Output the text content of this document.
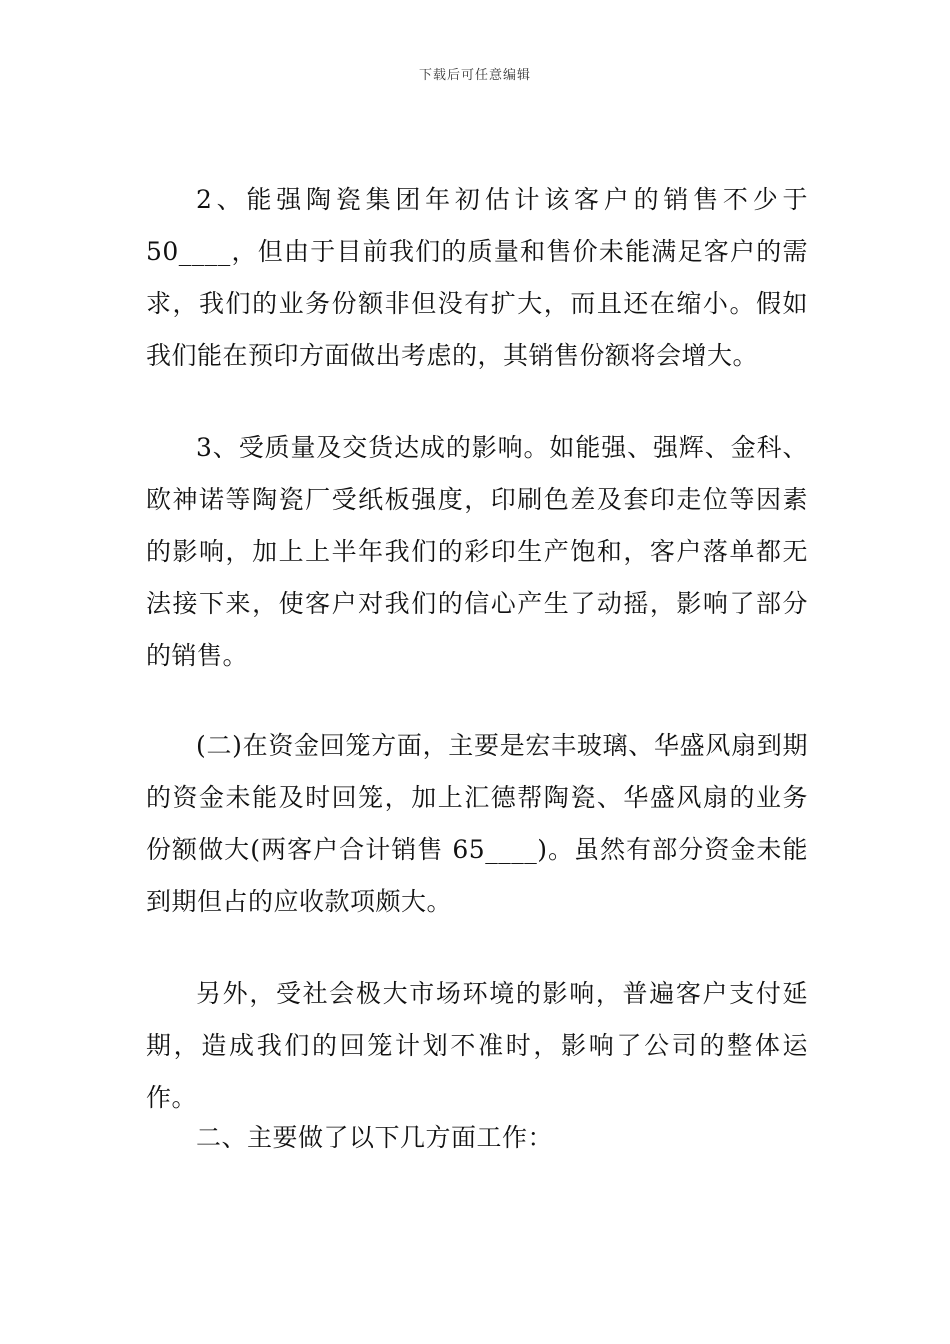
下载后可任意编辑

2、能强陶瓷集团年初估计该客户的销售不少于 50____，但由于目前我们的质量和售价未能满足客户的需求，我们的业务份额非但没有扩大，而且还在缩小。假如我们能在预印方面做出考虑的，其销售份额将会增大。

3、受质量及交货达成的影响。如能强、强辉、金科、欧神诺等陶瓷厂受纸板强度，印刷色差及套印走位等因素的影响，加上上半年我们的彩印生产饱和，客户落单都无法接下来，使客户对我们的信心产生了动摇，影响了部分的销售。

(二)在资金回笼方面，主要是宏丰玻璃、华盛风扇到期的资金未能及时回笼，加上汇德帮陶瓷、华盛风扇的业务份额做大(两客户合计销售 65____)。虽然有部分资金未能到期但占的应收款项颇大。

另外，受社会极大市场环境的影响，普遍客户支付延期，造成我们的回笼计划不准时，影响了公司的整体运作。

二、主要做了以下几方面工作：
